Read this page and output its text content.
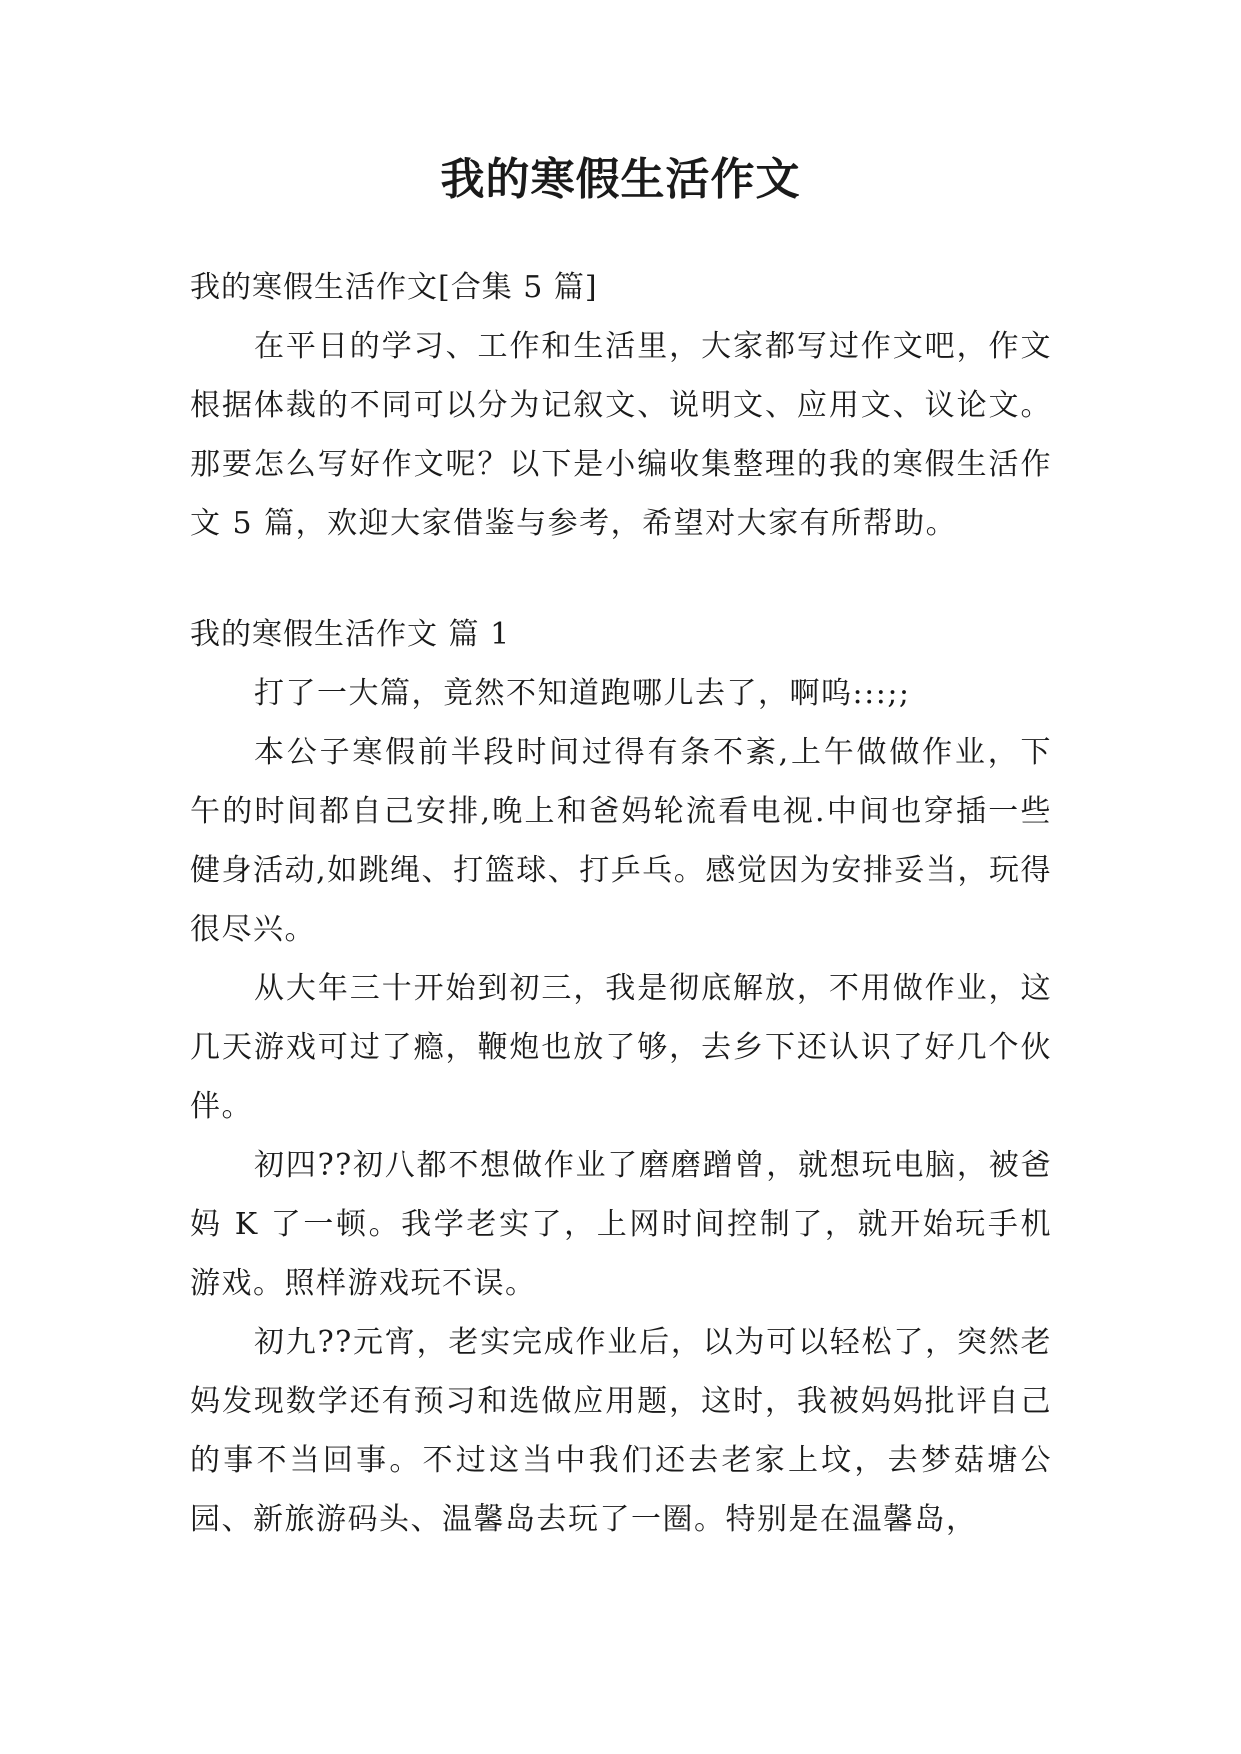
我的寒假生活作文

我的寒假生活作文[合集 5 篇]

在平日的学习、工作和生活里，大家都写过作文吧，作文根据体裁的不同可以分为记叙文、说明文、应用文、议论文。那要怎么写好作文呢？以下是小编收集整理的我的寒假生活作文 5 篇，欢迎大家借鉴与参考，希望对大家有所帮助。

我的寒假生活作文 篇 1

打了一大篇，竟然不知道跑哪儿去了，啊呜:::;;

本公子寒假前半段时间过得有条不紊,上午做做作业，下午的时间都自己安排,晚上和爸妈轮流看电视.中间也穿插一些健身活动,如跳绳、打篮球、打乒乓。感觉因为安排妥当，玩得很尽兴。

从大年三十开始到初三，我是彻底解放，不用做作业，这几天游戏可过了瘾，鞭炮也放了够，去乡下还认识了好几个伙伴。

初四??初八都不想做作业了磨磨蹭曾，就想玩电脑，被爸妈 K 了一顿。我学老实了，上网时间控制了，就开始玩手机游戏。照样游戏玩不误。

初九??元宵，老实完成作业后，以为可以轻松了，突然老妈发现数学还有预习和选做应用题，这时，我被妈妈批评自己的事不当回事。不过这当中我们还去老家上坟，去梦菇塘公园、新旅游码头、温馨岛去玩了一圈。特别是在温馨岛，
